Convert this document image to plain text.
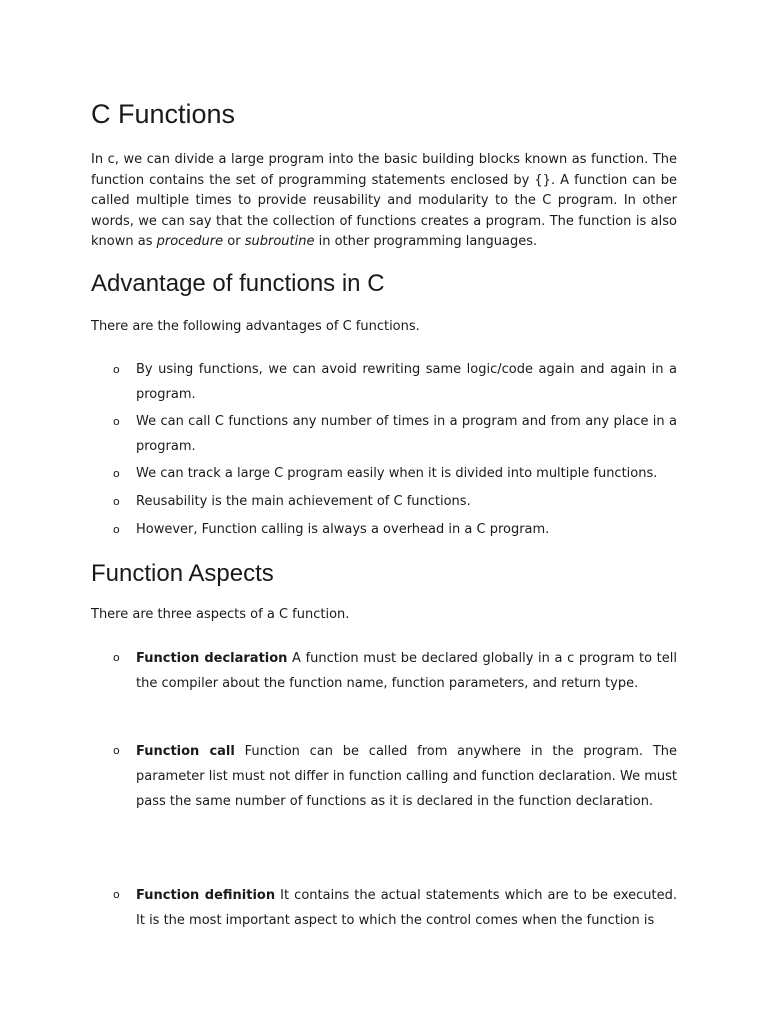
C Functions

In c, we can divide a large program into the basic building blocks known as function. The function contains the set of programming statements enclosed by {}. A function can be called multiple times to provide reusability and modularity to the C program. In other words, we can say that the collection of functions creates a program. The function is also known as procedure or subroutine in other programming languages.

Advantage of functions in C

There are the following advantages of C functions.

o By using functions, we can avoid rewriting same logic/code again and again in a program.
o We can call C functions any number of times in a program and from any place in a program.
o We can track a large C program easily when it is divided into multiple functions.
o Reusability is the main achievement of C functions.
o However, Function calling is always a overhead in a C program.
Function Aspects

There are three aspects of a C function.

o Function declaration A function must be declared globally in a c program to tell the compiler about the function name, function parameters, and return type.
o Function call Function can be called from anywhere in the program. The parameter list must not differ in function calling and function declaration. We must pass the same number of functions as it is declared in the function declaration.
o Function definition It contains the actual statements which are to be executed. It is the most important aspect to which the control comes when the function is
